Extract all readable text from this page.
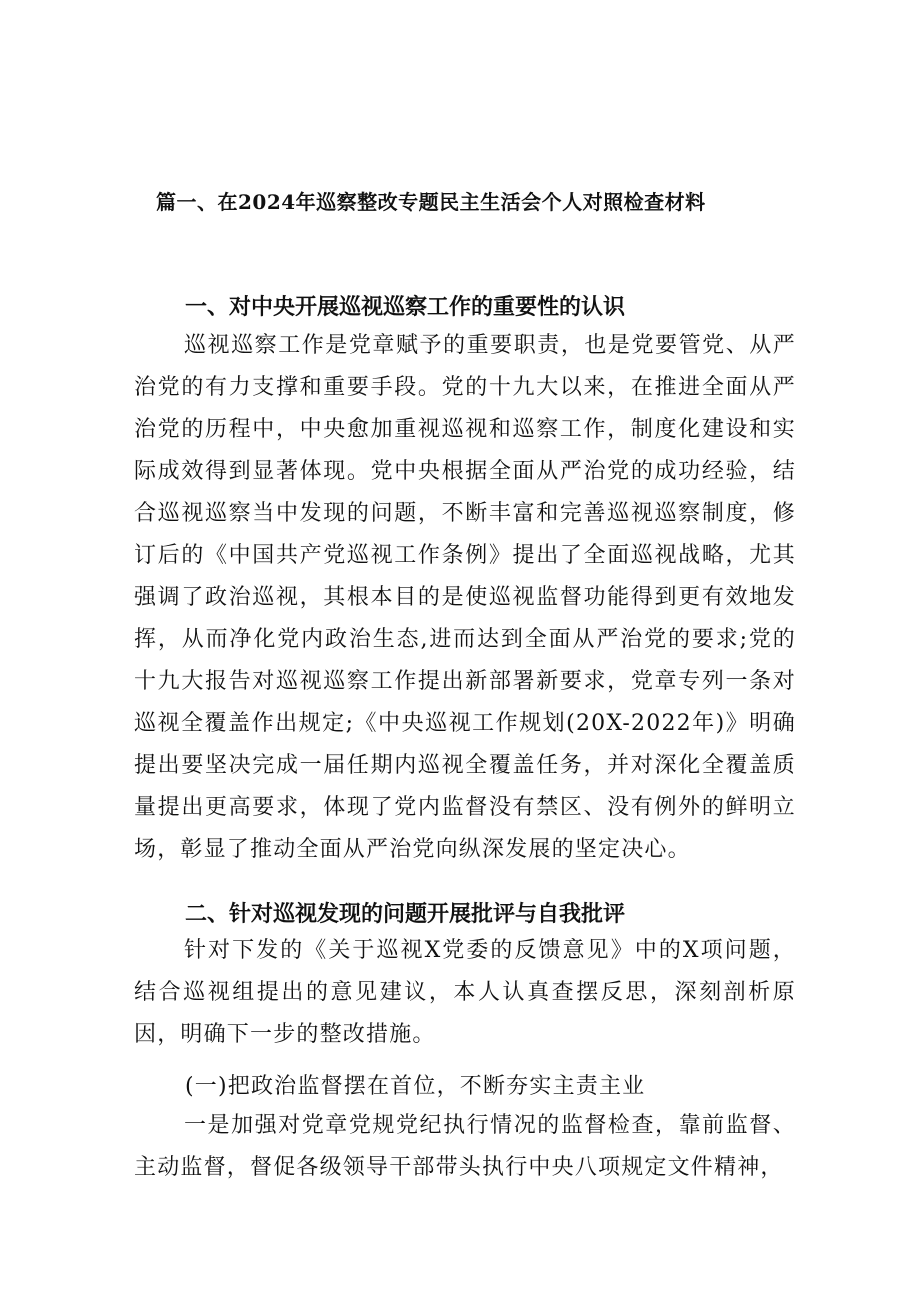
篇一、在2024年巡察整改专题民主生活会个人对照检查材料
一、对中央开展巡视巡察工作的重要性的认识
巡视巡察工作是党章赋予的重要职责，也是党要管党、从严治党的有力支撑和重要手段。党的十九大以来，在推进全面从严治党的历程中，中央愈加重视巡视和巡察工作，制度化建设和实际成效得到显著体现。党中央根据全面从严治党的成功经验，结合巡视巡察当中发现的问题，不断丰富和完善巡视巡察制度，修订后的《中国共产党巡视工作条例》提出了全面巡视战略，尤其强调了政治巡视，其根本目的是使巡视监督功能得到更有效地发挥，从而净化党内政治生态,进而达到全面从严治党的要求;党的十九大报告对巡视巡察工作提出新部署新要求，党章专列一条对巡视全覆盖作出规定;《中央巡视工作规划(20X-2022年)》明确提出要坚决完成一届任期内巡视全覆盖任务，并对深化全覆盖质量提出更高要求，体现了党内监督没有禁区、没有例外的鲜明立场，彰显了推动全面从严治党向纵深发展的坚定决心。
二、针对巡视发现的问题开展批评与自我批评
针对下发的《关于巡视X党委的反馈意见》中的X项问题，结合巡视组提出的意见建议，本人认真查摆反思，深刻剖析原因，明确下一步的整改措施。
(一)把政治监督摆在首位，不断夯实主责主业
一是加强对党章党规党纪执行情况的监督检查，靠前监督、主动监督，督促各级领导干部带头执行中央八项规定文件精神，
